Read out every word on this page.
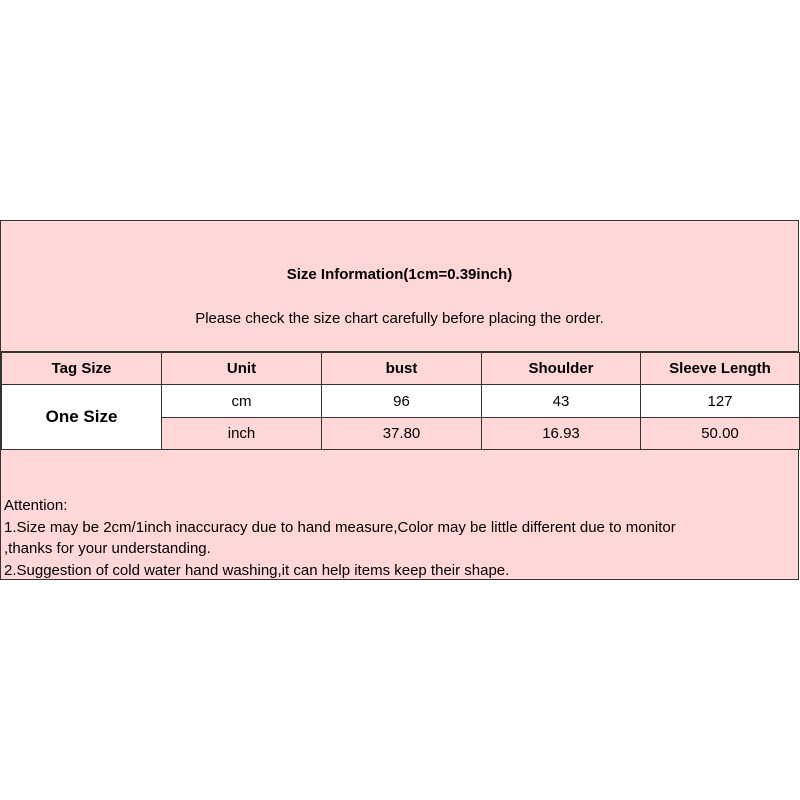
Size Information(1cm=0.39inch)
Please check the size chart carefully before placing the order.
Tag Size	Unit	bust	Shoulder	Sleeve Length
One Size	cm	96	43	127
	inch	37.80	16.93	50.00
Attention:
1.Size may be 2cm/1inch inaccuracy due to hand measure,Color may be little different due to monitor
,thanks for your understanding.
2.Suggestion of cold water hand washing,it can help items keep their shape.
